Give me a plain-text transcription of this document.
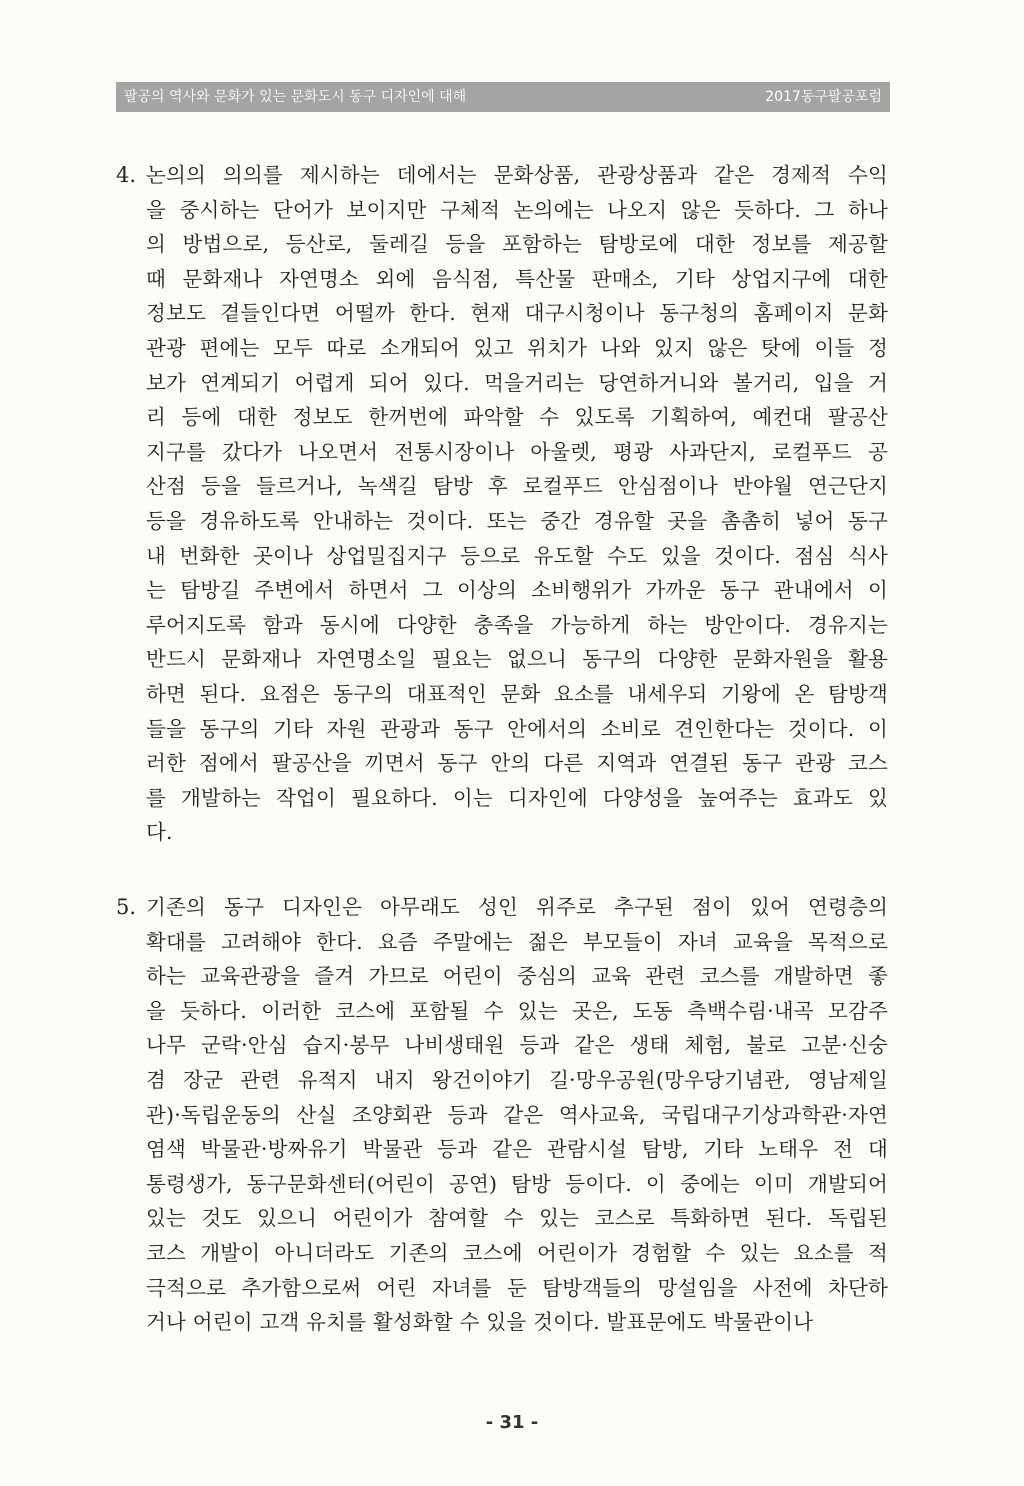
팔공의 역사와 문화가 있는 문화도시 동구 디자인에 대해	2017동구팔공포럼
4. 논의의 의의를 제시하는 데에서는 문화상품, 관광상품과 같은 경제적 수익
을 중시하는 단어가 보이지만 구체적 논의에는 나오지 않은 듯하다. 그 하나
의 방법으로, 등산로, 둘레길 등을 포함하는 탐방로에 대한 정보를 제공할
때 문화재나 자연명소 외에 음식점, 특산물 판매소, 기타 상업지구에 대한
정보도 곁들인다면 어떨까 한다. 현재 대구시청이나 동구청의 홈페이지 문화
관광 편에는 모두 따로 소개되어 있고 위치가 나와 있지 않은 탓에 이들 정
보가 연계되기 어렵게 되어 있다. 먹을거리는 당연하거니와 볼거리, 입을 거
리 등에 대한 정보도 한꺼번에 파악할 수 있도록 기획하여, 예컨대 팔공산
지구를 갔다가 나오면서 전통시장이나 아울렛, 평광 사과단지, 로컬푸드 공
산점 등을 들르거나, 녹색길 탐방 후 로컬푸드 안심점이나 반야월 연근단지
등을 경유하도록 안내하는 것이다. 또는 중간 경유할 곳을 촘촘히 넣어 동구
내 번화한 곳이나 상업밀집지구 등으로 유도할 수도 있을 것이다. 점심 식사
는 탐방길 주변에서 하면서 그 이상의 소비행위가 가까운 동구 관내에서 이
루어지도록 함과 동시에 다양한 충족을 가능하게 하는 방안이다. 경유지는
반드시 문화재나 자연명소일 필요는 없으니 동구의 다양한 문화자원을 활용
하면 된다. 요점은 동구의 대표적인 문화 요소를 내세우되 기왕에 온 탐방객
들을 동구의 기타 자원 관광과 동구 안에서의 소비로 견인한다는 것이다. 이
러한 점에서 팔공산을 끼면서 동구 안의 다른 지역과 연결된 동구 관광 코스
를 개발하는 작업이 필요하다. 이는 디자인에 다양성을 높여주는 효과도 있
다.
5. 기존의 동구 디자인은 아무래도 성인 위주로 추구된 점이 있어 연령층의
확대를 고려해야 한다. 요즘 주말에는 젊은 부모들이 자녀 교육을 목적으로
하는 교육관광을 즐겨 가므로 어린이 중심의 교육 관련 코스를 개발하면 좋
을 듯하다. 이러한 코스에 포함될 수 있는 곳은, 도동 측백수림·내곡 모감주
나무 군락·안심 습지·봉무 나비생태원 등과 같은 생태 체험, 불로 고분·신숭
겸 장군 관련 유적지 내지 왕건이야기 길·망우공원(망우당기념관, 영남제일
관)·독립운동의 산실 조양회관 등과 같은 역사교육, 국립대구기상과학관·자연
염색 박물관·방짜유기 박물관 등과 같은 관람시설 탐방, 기타 노태우 전 대
통령생가, 동구문화센터(어린이 공연) 탐방 등이다. 이 중에는 이미 개발되어
있는 것도 있으니 어린이가 참여할 수 있는 코스로 특화하면 된다. 독립된
코스 개발이 아니더라도 기존의 코스에 어린이가 경험할 수 있는 요소를 적
극적으로 추가함으로써 어린 자녀를 둔 탐방객들의 망설임을 사전에 차단하
거나 어린이 고객 유치를 활성화할 수 있을 것이다. 발표문에도 박물관이나
- 31 -
